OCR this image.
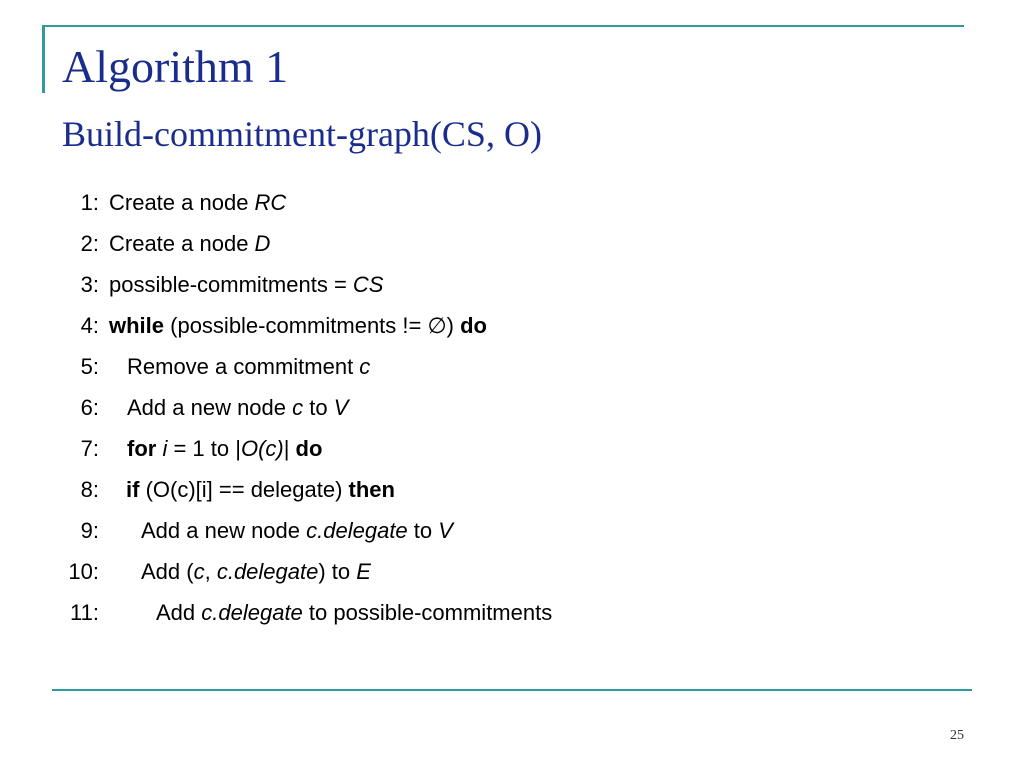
Algorithm 1
Build-commitment-graph(CS, O)
1: Create a node RC
2: Create a node D
3: possible-commitments = CS
4: while (possible-commitments != ∅) do
5: Remove a commitment c
6: Add a new node c to V
7: for i = 1 to |O(c)| do
8: if (O(c)[i] == delegate) then
9: Add a new node c.delegate to V
10: Add (c, c.delegate) to E
11:	Add c.delegate to possible-commitments
25
